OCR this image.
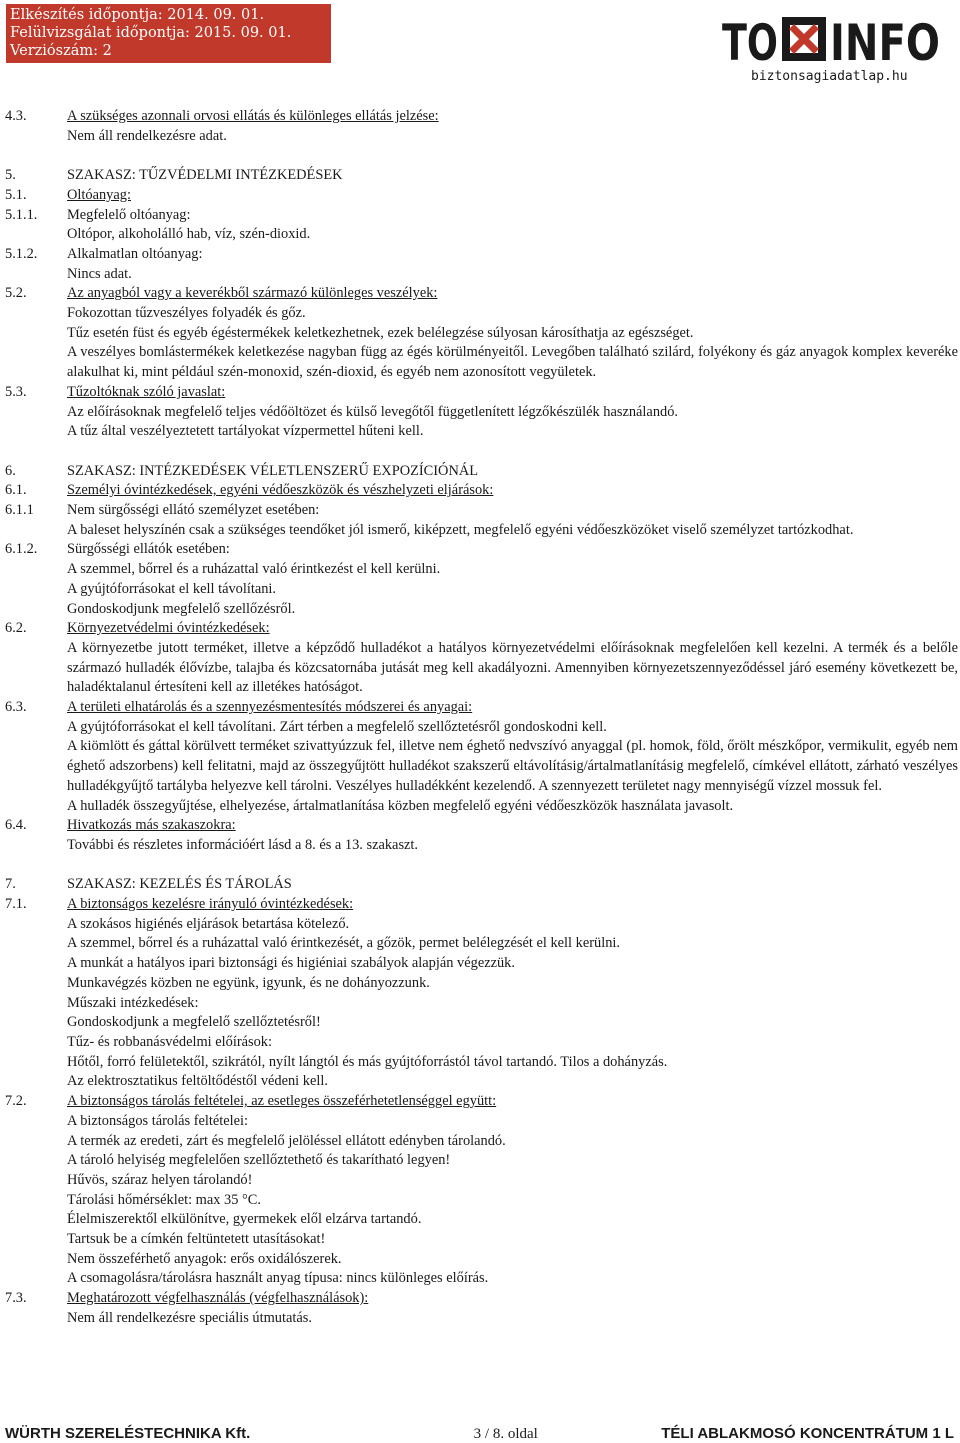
Elkészítés időpontja: 2014. 09. 01.
Felülvizsgálat időpontja: 2015. 09. 01.
Verziószám: 2	TO INFO
biztonsagiadatlap.hu
4.3.	A szükséges azonnali orvosi ellátás és különleges ellátás jelzése:
Nem áll rendelkezésre adat.
5.	SZAKASZ: TŰZVÉDELMI INTÉZKEDÉSEK
5.1.	Oltóanyag:
5.1.1.	Megfelelő oltóanyag:
Oltópor, alkoholálló hab, víz, szén-dioxid.
5.1.2.	Alkalmatlan oltóanyag:
Nincs adat.
5.2.	Az anyagból vagy a keverékből származó különleges veszélyek:
Fokozottan tűzveszélyes folyadék és gőz.
Tűz esetén füst és egyéb égéstermékek keletkezhetnek, ezek belélegzése súlyosan károsíthatja az egészséget.
A veszélyes bomlástermékek keletkezése nagyban függ az égés körülményeitől. Levegőben található szilárd, folyékony és gáz anyagok komplex keveréke alakulhat ki, mint például szén-monoxid, szén-dioxid, és egyéb nem azonosított vegyületek.
5.3.	Tűzoltóknak szóló javaslat:
Az előírásoknak megfelelő teljes védőöltözet és külső levegőtől függetlenített légzőkészülék használandó.
A tűz által veszélyeztetett tartályokat vízpermettel hűteni kell.
6.	SZAKASZ: INTÉZKEDÉSEK VÉLETLENSZERŰ EXPOZÍCIÓNÁL
6.1.	Személyi óvintézkedések, egyéni védőeszközök és vészhelyzeti eljárások:
6.1.1	Nem sürgősségi ellátó személyzet esetében:
A baleset helyszínén csak a szükséges teendőket jól ismerő, kiképzett, megfelelő egyéni védőeszközöket viselő személyzet tartózkodhat.
6.1.2.	Sürgősségi ellátók esetében:
A szemmel, bőrrel és a ruházattal való érintkezést el kell kerülni.
A gyújtóforrásokat el kell távolítani.
Gondoskodjunk megfelelő szellőzésről.
6.2.	Környezetvédelmi óvintézkedések:
A környezetbe jutott terméket, illetve a képződő hulladékot a hatályos környezetvédelmi előírásoknak megfelelően kell kezelni. A termék és a belőle származó hulladék élővízbe, talajba és közcsatornába jutását meg kell akadályozni. Amennyiben környezetszennyeződéssel járó esemény következett be, haladéktalanul értesíteni kell az illetékes hatóságot.
6.3.	A területi elhatárolás és a szennyezésmentesítés módszerei és anyagai:
A gyújtóforrásokat el kell távolítani. Zárt térben a megfelelő szellőztetésről gondoskodni kell.
A kiömlött és gáttal körülvett terméket szivattyúzzuk fel, illetve nem éghető nedvszívó anyaggal (pl. homok, föld, őrölt mészkőpor, vermikulit, egyéb nem éghető adszorbens) kell felitatni, majd az összegyűjtött hulladékot szakszerű eltávolításig/ártalmatlanításig megfelelő, címkével ellátott, zárható veszélyes hulladékgyűjtő tartályba helyezve kell tárolni. Veszélyes hulladékként kezelendő. A szennyezett területet nagy mennyiségű vízzel mossuk fel.
A hulladék összegyűjtése, elhelyezése, ártalmatlanítása közben megfelelő egyéni védőeszközök használata javasolt.
6.4.	Hivatkozás más szakaszokra:
További és részletes információért lásd a 8. és a 13. szakaszt.
7.	SZAKASZ: KEZELÉS ÉS TÁROLÁS
7.1.	A biztonságos kezelésre irányuló óvintézkedések:
A szokásos higiénés eljárások betartása kötelező.
A szemmel, bőrrel és a ruházattal való érintkezését, a gőzök, permet belélegzését el kell kerülni.
A munkát a hatályos ipari biztonsági és higiéniai szabályok alapján végezzük.
Munkavégzés közben ne együnk, igyunk, és ne dohányozzunk.
Műszaki intézkedések:
Gondoskodjunk a megfelelő szellőztetésről!
Tűz- és robbanásvédelmi előírások:
Hőtől, forró felületektől, szikrától, nyílt lángtól és más gyújtóforrástól távol tartandó. Tilos a dohányzás.
Az elektrosztatikus feltöltődéstől védeni kell.
7.2.	A biztonságos tárolás feltételei, az esetleges összeférhetetlenséggel együtt:
A biztonságos tárolás feltételei:
A termék az eredeti, zárt és megfelelő jelöléssel ellátott edényben tárolandó.
A tároló helyiség megfelelően szellőztethető és takarítható legyen!
Hűvös, száraz helyen tárolandó!
Tárolási hőmérséklet: max 35 °C.
Élelmiszerektől elkülönítve, gyermekek elől elzárva tartandó.
Tartsuk be a címkén feltüntetett utasításokat!
Nem összeférhető anyagok: erős oxidálószerek.
A csomagolásra/tárolásra használt anyag típusa: nincs különleges előírás.
7.3.	Meghatározott végfelhasználás (végfelhasználások):
Nem áll rendelkezésre speciális útmutatás.
WÜRTH SZERELÉSTECHNIKA Kft.	3 / 8. oldal	TÉLI ABLAKMOSÓ KONCENTRÁTUM 1 L
